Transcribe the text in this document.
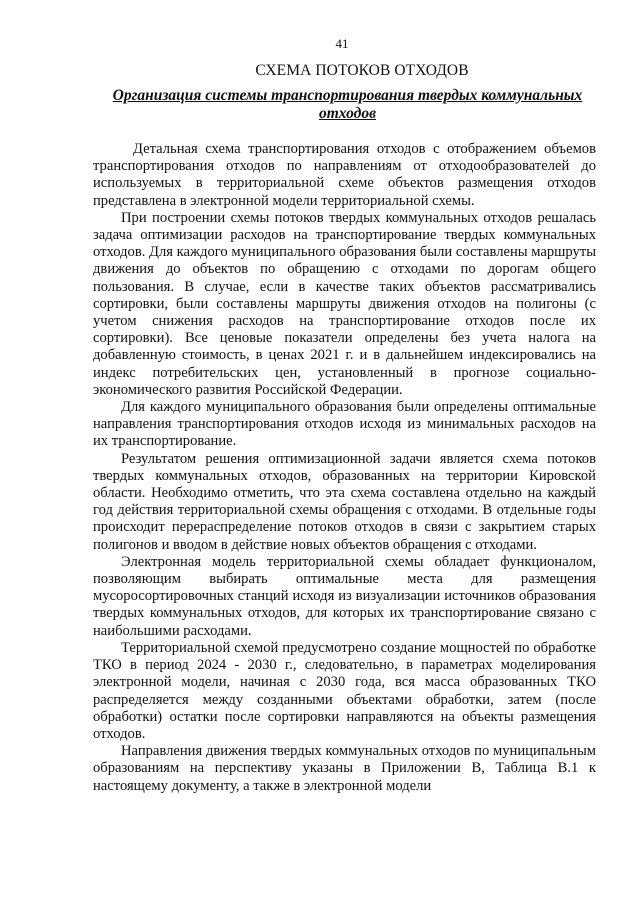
41
СХЕМА ПОТОКОВ ОТХОДОВ
Организация системы транспортирования твердых коммунальных отходов

Детальная схема транспортирования отходов с отображением объемов транспортирования отходов по направлениям от отходообразователей до используемых в территориальной схеме объектов размещения отходов представлена в электронной модели территориальной схемы.

При построении схемы потоков твердых коммунальных отходов решалась задача оптимизации расходов на транспортирование твердых коммунальных отходов. Для каждого муниципального образования были составлены маршруты движения до объектов по обращению с отходами по дорогам общего пользования. В случае, если в качестве таких объектов рассматривались сортировки, были составлены маршруты движения отходов на полигоны (с учетом снижения расходов на транспортирование отходов после их сортировки). Все ценовые показатели определены без учета налога на добавленную стоимость, в ценах 2021 г. и в дальнейшем индексировались на индекс потребительских цен, установленный в прогнозе социально-экономического развития Российской Федерации.

Для каждого муниципального образования были определены оптимальные направления транспортирования отходов исходя из минимальных расходов на их транспортирование.

Результатом решения оптимизационной задачи является схема потоков твердых коммунальных отходов, образованных на территории Кировской области. Необходимо отметить, что эта схема составлена отдельно на каждый год действия территориальной схемы обращения с отходами. В отдельные годы происходит перераспределение потоков отходов в связи с закрытием старых полигонов и вводом в действие новых объектов обращения с отходами.

Электронная модель территориальной схемы обладает функционалом, позволяющим выбирать оптимальные места для размещения мусоросортировочных станций исходя из визуализации источников образования твердых коммунальных отходов, для которых их транспортирование связано с наибольшими расходами.

Территориальной схемой предусмотрено создание мощностей по обработке ТКО в период 2024 - 2030 г., следовательно, в параметрах моделирования электронной модели, начиная с 2030 года, вся масса образованных ТКО распределяется между созданными объектами обработки, затем (после обработки) остатки после сортировки направляются на объекты размещения отходов.

Направления движения твердых коммунальных отходов по муниципальным образованиям на перспективу указаны в Приложении В, Таблица В.1 к настоящему документу, а также в электронной модели
